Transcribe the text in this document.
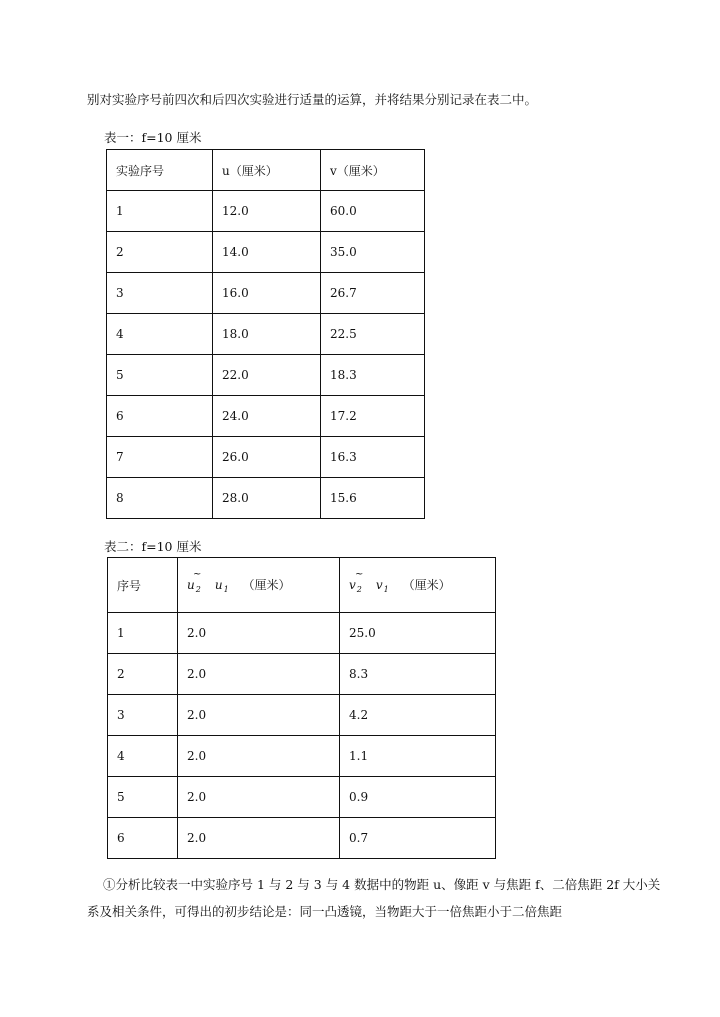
别对实验序号前四次和后四次实验进行适量的运算，并将结果分别记录在表二中。
表一：f=10 厘米
实验序号	u（厘米）	v（厘米）
1	12.0	60.0
2	14.0	35.0
3	16.0	26.7
4	18.0	22.5
5	22.0	18.3
6	24.0	17.2
7	26.0	16.3
8	28.0	15.6
表二：f=10 厘米
序号	$u_2$ ~ $u_1$ （厘米）	$v_2$ ~ $v_1$ （厘米）
1	2.0	25.0
2	2.0	8.3
3	2.0	4.2
4	2.0	1.1
5	2.0	0.9
6	2.0	0.7
①分析比较表一中实验序号 1 与 2 与 3 与 4 数据中的物距 u、像距 v 与焦距 f、二倍焦距 2f 大小关
系及相关条件，可得出的初步结论是：同一凸透镜，当物距大于一倍焦距小于二倍焦距
